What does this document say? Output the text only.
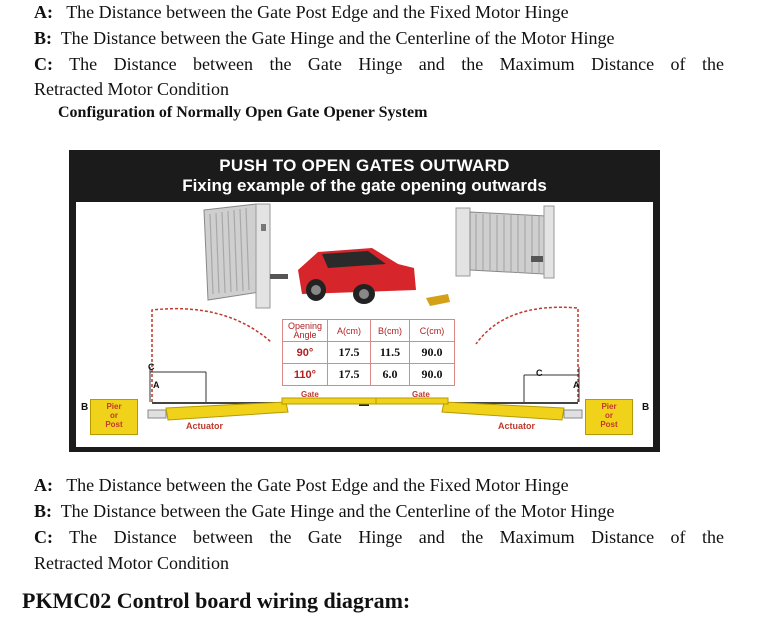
A: The Distance between the Gate Post Edge and the Fixed Motor Hinge
B: The Distance between the Gate Hinge and the Centerline of the Motor Hinge
C: The Distance between the Gate Hinge and the Maximum Distance of the
Retracted Motor Condition
Configuration of Normally Open Gate Opener System
PUSH TO OPEN GATES OUTWARD
Fixing example of the gate opening outwards
C
A
B
C
A
B
Gate	Gate
Actuator	Actuator
Pier
or
Post
Pier
or
Post
Opening Angle	A(cm)	B(cm)	C(cm)
90°	17.5	11.5	90.0
110°	17.5	6.0	90.0
A: The Distance between the Gate Post Edge and the Fixed Motor Hinge
B: The Distance between the Gate Hinge and the Centerline of the Motor Hinge
C: The Distance between the Gate Hinge and the Maximum Distance of the
Retracted Motor Condition
PKMC02 Control board wiring diagram:
